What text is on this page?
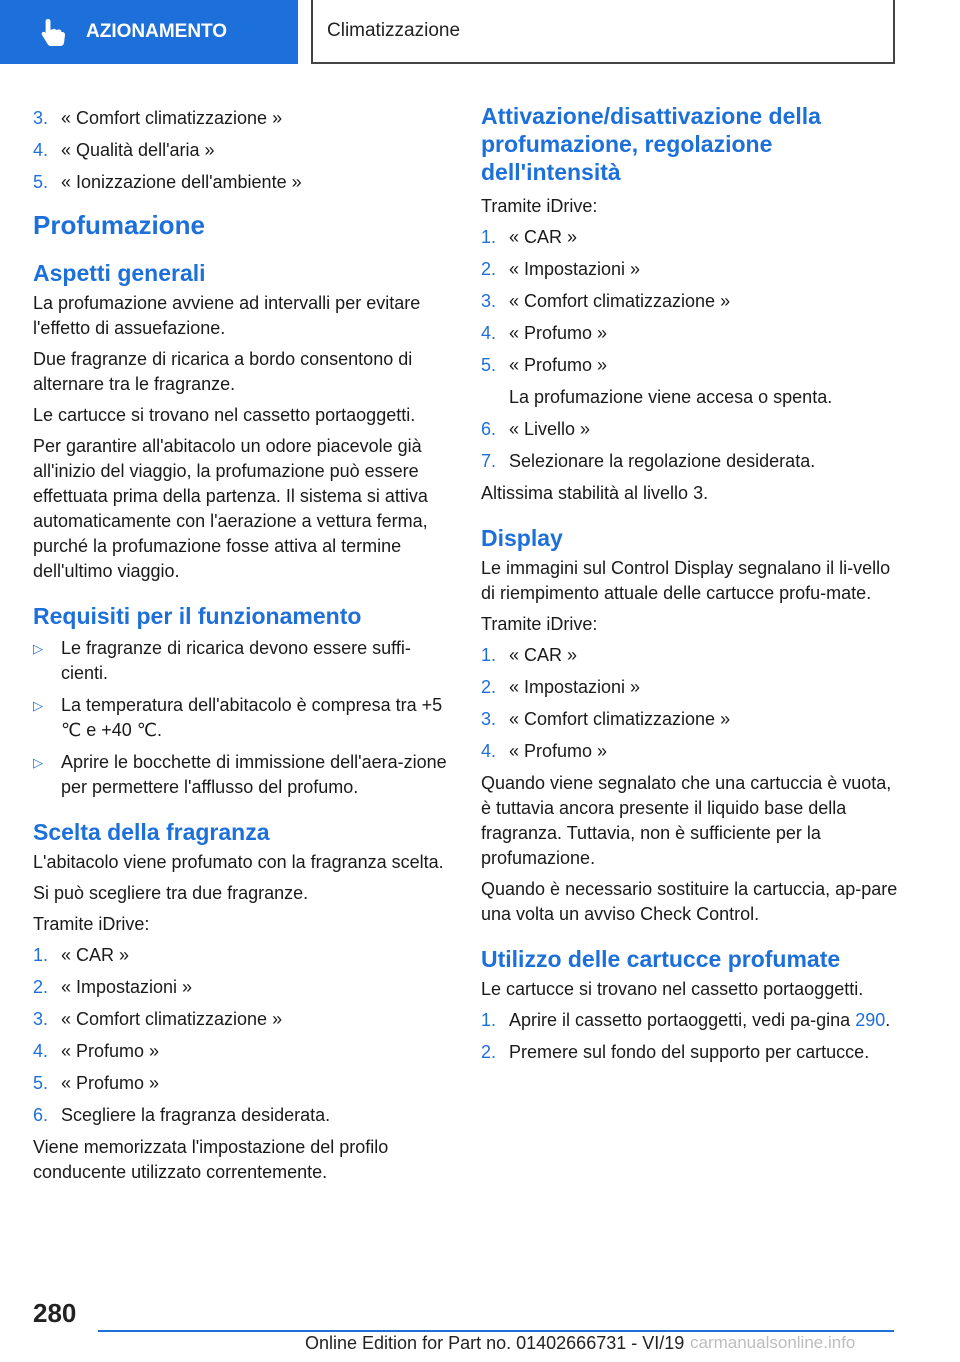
AZIONAMENTO	Climatizzazione
3. « Comfort climatizzazione »
4. « Qualità dell'aria »
5. « Ionizzazione dell'ambiente »
Profumazione
Aspetti generali

La profumazione avviene ad intervalli per evitare l'effetto di assuefazione.

Due fragranze di ricarica a bordo consentono di alternare tra le fragranze.

Le cartucce si trovano nel cassetto portaoggetti.

Per garantire all'abitacolo un odore piacevole già all'inizio del viaggio, la profumazione può essere effettuata prima della partenza. Il sistema si attiva automaticamente con l'aerazione a vettura ferma, purché la profumazione fosse attiva al termine dell'ultimo viaggio.

Requisiti per il funzionamento
▷	Le fragranze di ricarica devono essere suffi-cienti.
▷	La temperatura dell'abitacolo è compresa tra +5 ℃ e +40 ℃.
▷	Aprire le bocchette di immissione dell'aera-zione per permettere l'afflusso del profumo.
Scelta della fragranza

L'abitacolo viene profumato con la fragranza scelta.

Si può scegliere tra due fragranze.

Tramite iDrive:

1. « CAR »
2. « Impostazioni »
3. « Comfort climatizzazione »
4. « Profumo »
5. « Profumo »
6. Scegliere la fragranza desiderata.

Viene memorizzata l'impostazione del profilo conducente utilizzato correntemente.

Attivazione/disattivazione della profumazione, regolazione dell'intensità

Tramite iDrive:

1. « CAR »
2. « Impostazioni »
3. « Comfort climatizzazione »
4. « Profumo »
5. « Profumo »
La profumazione viene accesa o spenta.
6. « Livello »
7. Selezionare la regolazione desiderata.

Altissima stabilità al livello 3.

Display

Le immagini sul Control Display segnalano il li-vello di riempimento attuale delle cartucce profu-mate.

Tramite iDrive:

1. « CAR »
2. « Impostazioni »
3. « Comfort climatizzazione »
4. « Profumo »

Quando viene segnalato che una cartuccia è vuota, è tuttavia ancora presente il liquido base della fragranza. Tuttavia, non è sufficiente per la profumazione.

Quando è necessario sostituire la cartuccia, ap-pare una volta un avviso Check Control.

Utilizzo delle cartucce profumate

Le cartucce si trovano nel cassetto portaoggetti.

1. Aprire il cassetto portaoggetti, vedi pa-gina 290.
2. Premere sul fondo del supporto per cartucce.
280
Online Edition for Part no. 01402666731 - VI/19 carmanualsonline.info
